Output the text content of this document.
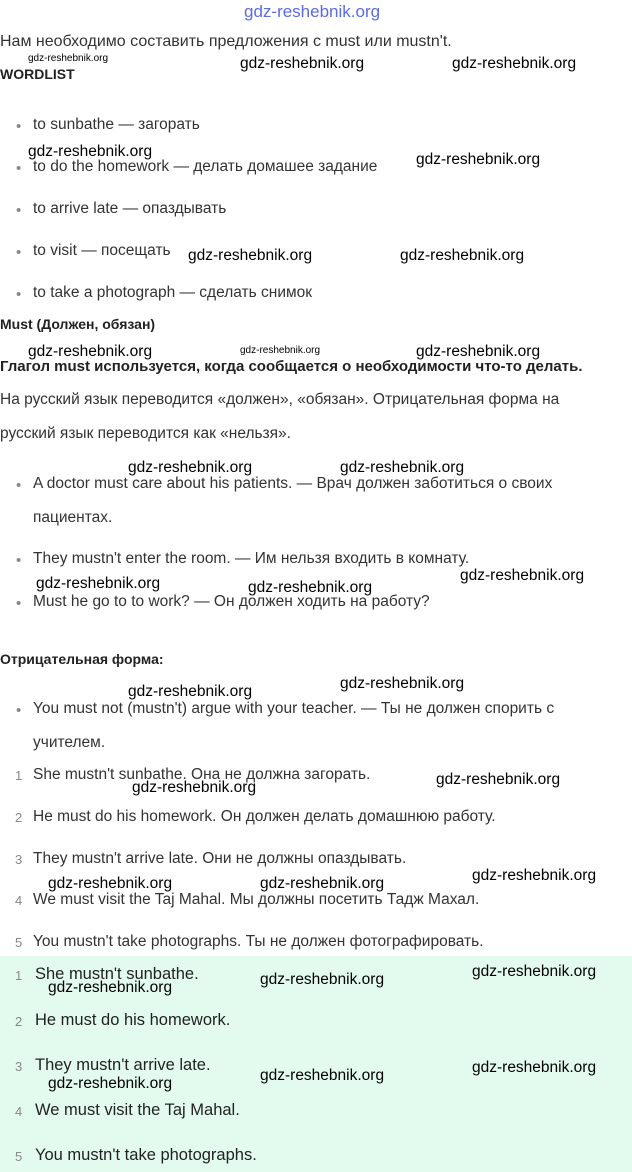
gdz-reshebnik.org
Нам необходимо составить предложения с must или mustn't.
WORDLIST
• to sunbathe — загорать
• to do the homework — делать домашее задание
• to arrive late — опаздывать
• to visit — посещать
• to take a photograph — сделать снимок
Must (Должен, обязан)
Глагол must используется, когда сообщается о необходимости что-то делать.
На русский язык переводится «должен», «обязан». Отрицательная форма на
русский язык переводится как «нельзя».
• A doctor must care about his patients. — Врач должен заботиться о своих
пациентах.
• They mustn't enter the room. — Им нельзя входить в комнату.
• Must he go to to work? — Он должен ходить на работу?
Отрицательная форма:
• You must not (mustn't) argue with your teacher. — Ты не должен спорить с
учителем.
1 She mustn't sunbathe. Она не должна загорать.
2 He must do his homework. Он должен делать домашнюю работу.
3 They mustn't arrive late. Они не должны опаздывать.
4 We must visit the Taj Mahal. Мы должны посетить Тадж Махал.
5 You mustn't take photographs. Ты не должен фотографировать.
1 She mustn't sunbathe.
2 He must do his homework.
3 They mustn't arrive late.
4 We must visit the Taj Mahal.
5 You mustn't take photographs.
gdz-reshebnik.org	gdz-reshebnik.org	gdz-reshebnik.org
gdz-reshebnik.org	gdz-reshebnik.org
gdz-reshebnik.org	gdz-reshebnik.org
gdz-reshebnik.org	gdz-reshebnik.org	gdz-reshebnik.org
gdz-reshebnik.org	gdz-reshebnik.org
gdz-reshebnik.org	gdz-reshebnik.org
gdz-reshebnik.org
gdz-reshebnik.org	gdz-reshebnik.org
gdz-reshebnik.org	gdz-reshebnik.org
gdz-reshebnik.org	gdz-reshebnik.org	gdz-reshebnik.org
gdz-reshebnik.org	gdz-reshebnik.org	gdz-reshebnik.org
gdz-reshebnik.org	gdz-reshebnik.org	gdz-reshebnik.org
